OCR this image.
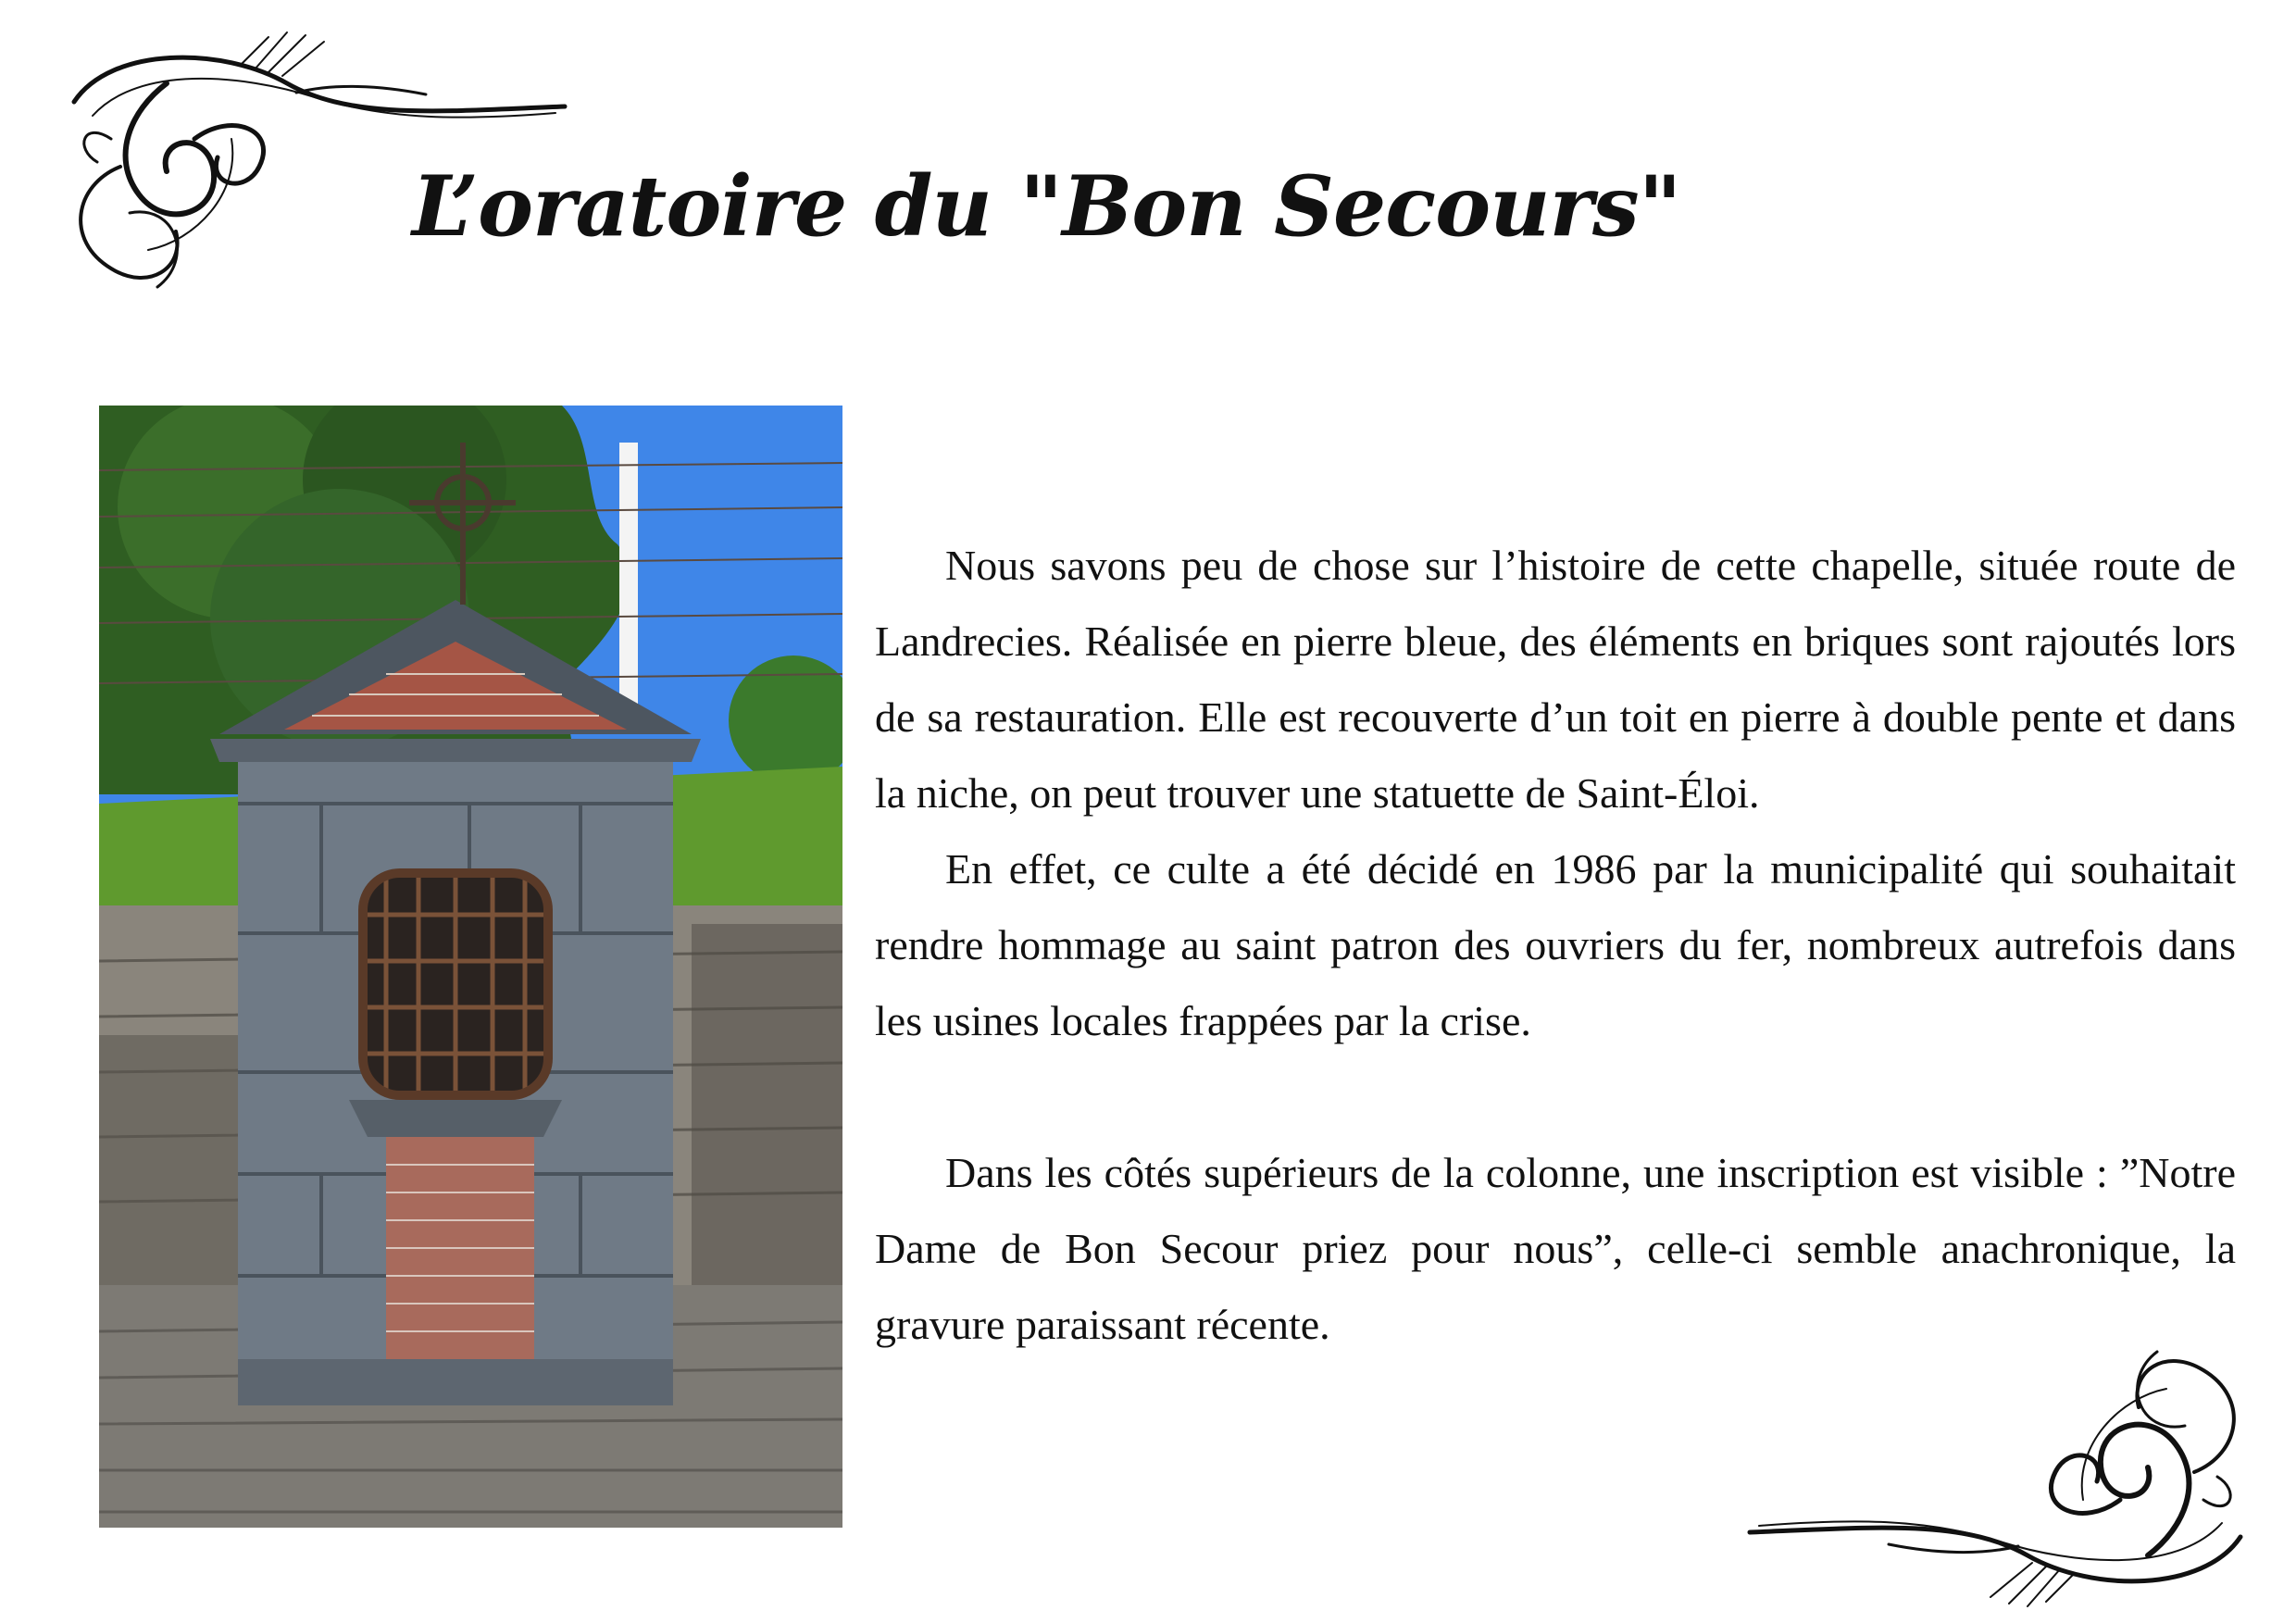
L’oratoire du "Bon Secours"

Nous savons peu de chose sur l’histoire de cette chapelle, située route de Landrecies. Réalisée en pierre bleue, des éléments en briques sont rajoutés lors de sa restauration. Elle est recouverte d’un toit en pierre à double pente et dans la niche, on peut trouver une statuette de Saint-Éloi.

En effet, ce culte a été décidé en 1986 par la municipalité qui souhaitait rendre hommage au saint patron des ouvriers du fer, nombreux autrefois dans les usines locales frappées par la crise.

Dans les côtés supérieurs de la colonne, une inscription est visible : ”Notre Dame de Bon Secour priez pour nous”, celle-ci semble anachronique, la gravure paraissant récente.
